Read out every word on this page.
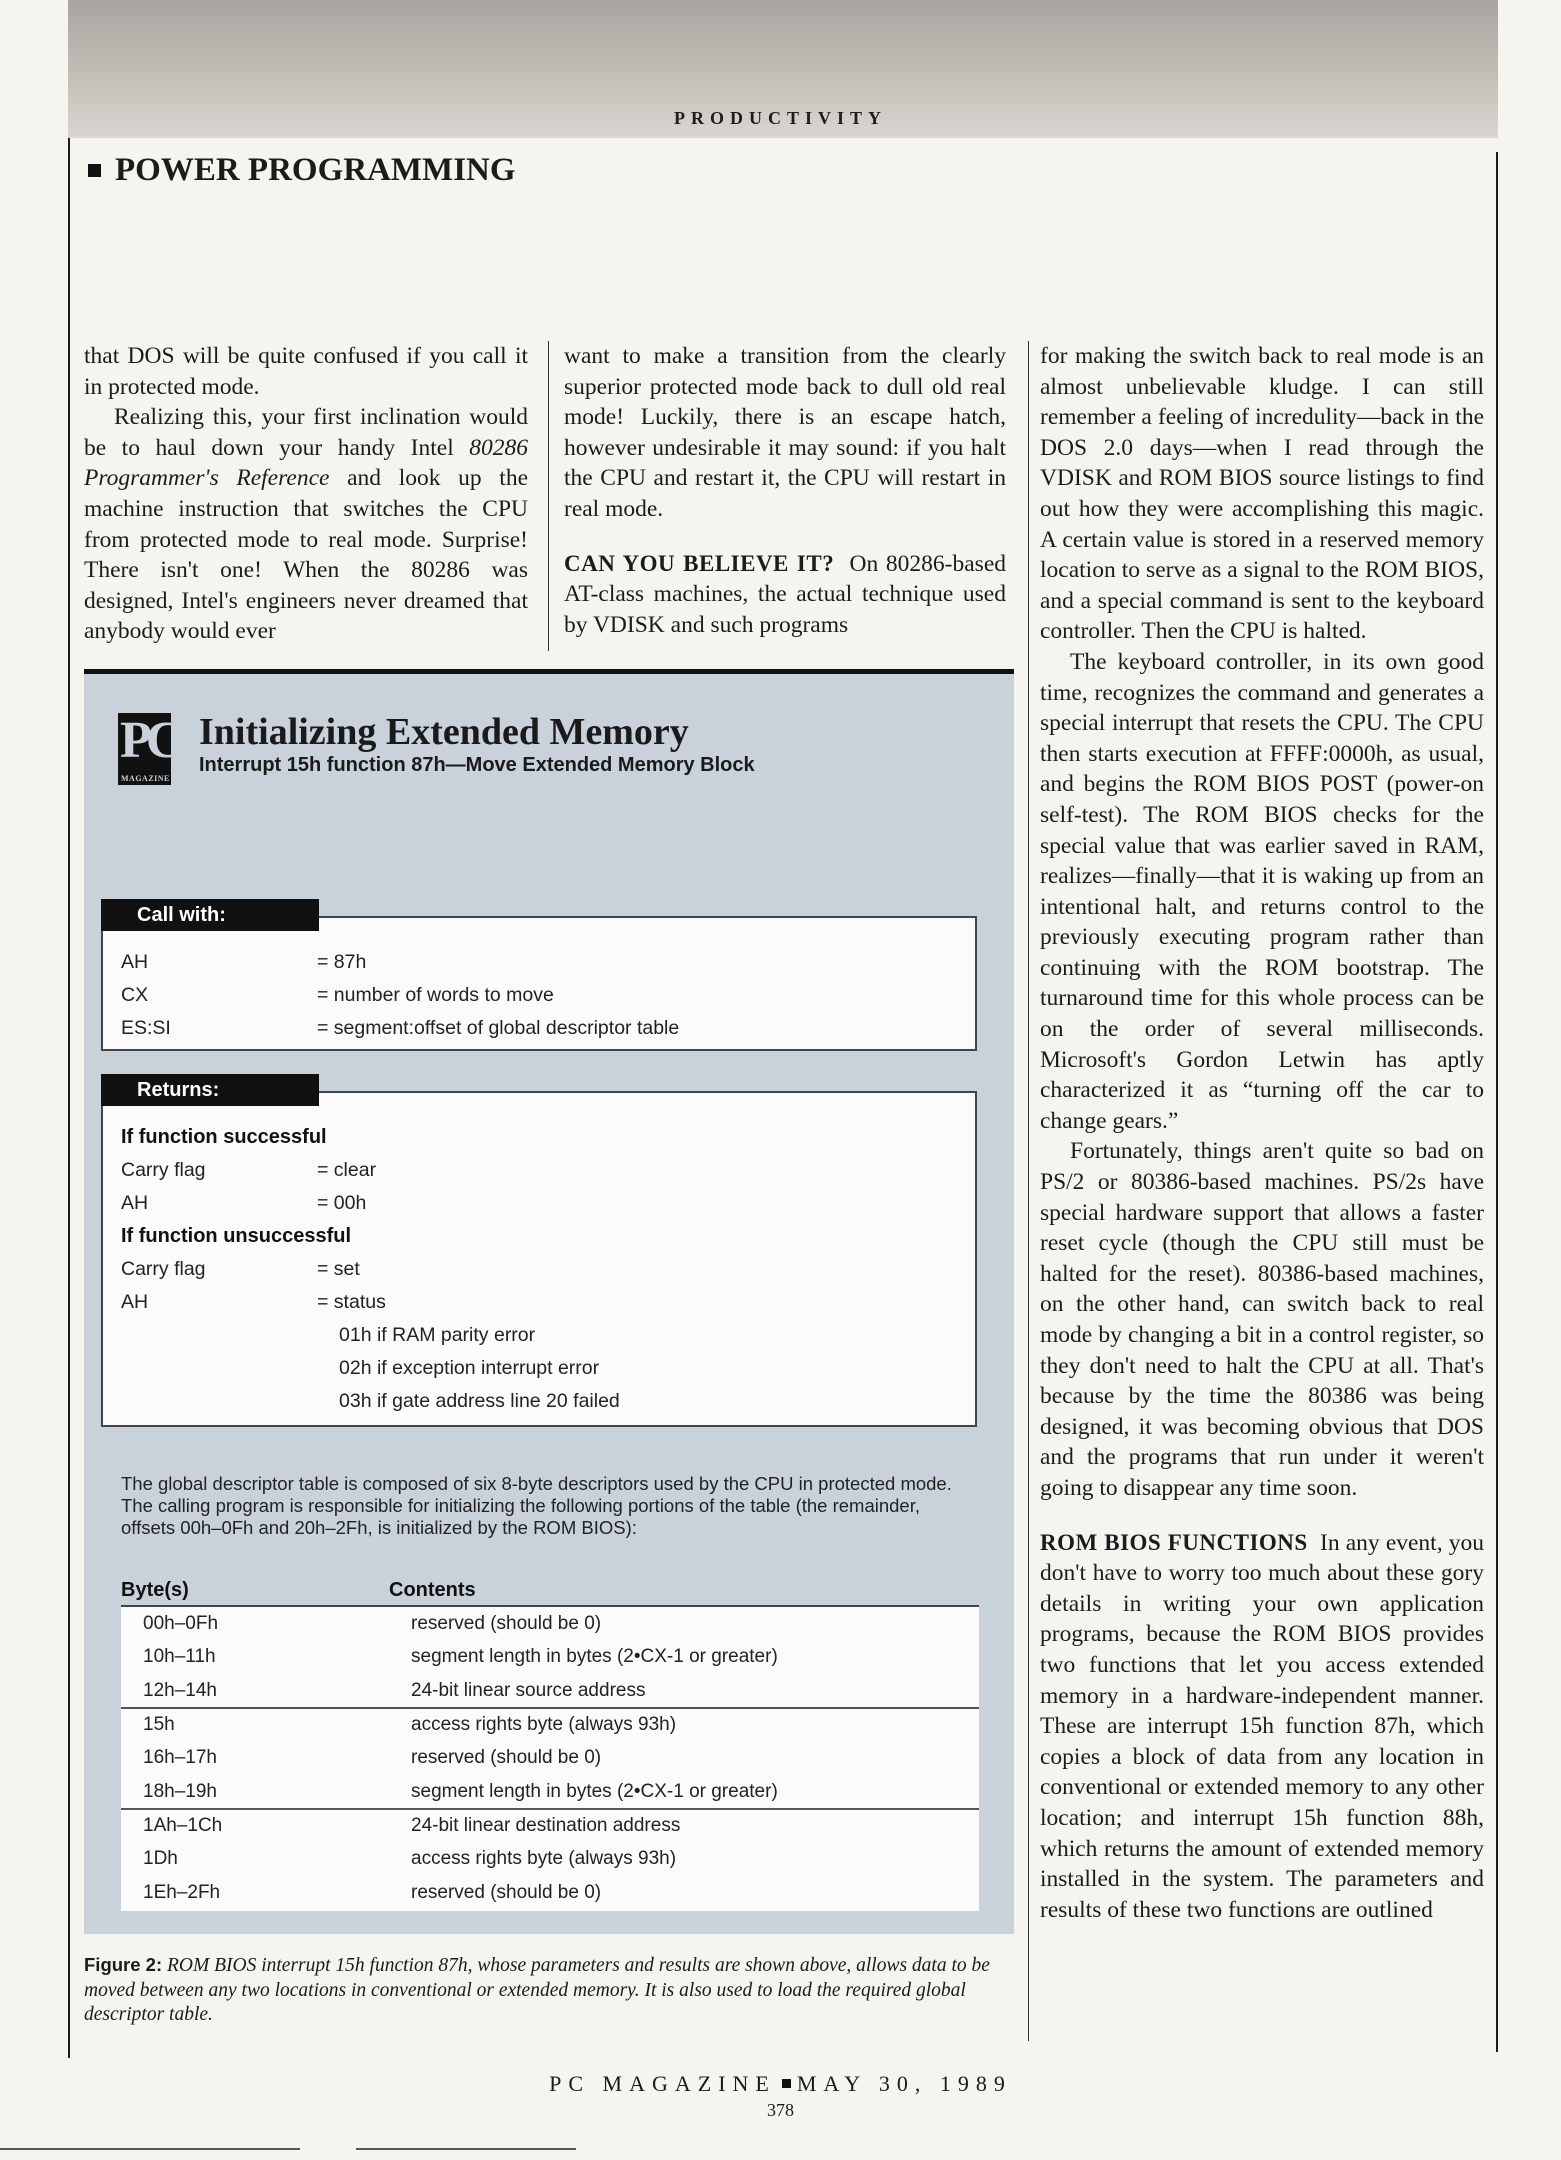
PRODUCTIVITY
POWER PROGRAMMING

that DOS will be quite confused if you call it in protected mode.

Realizing this, your first inclination would be to haul down your handy Intel 80286 Programmer's Reference and look up the machine instruction that switches the CPU from protected mode to real mode. Surprise! There isn't one! When the 80286 was designed, Intel's engineers never dreamed that anybody would ever

want to make a transition from the clearly superior protected mode back to dull old real mode! Luckily, there is an escape hatch, however undesirable it may sound: if you halt the CPU and restart it, the CPU will restart in real mode.

CAN YOU BELIEVE IT? On 80286-based AT-class machines, the actual technique used by VDISK and such programs

for making the switch back to real mode is an almost unbelievable kludge. I can still remember a feeling of incredulity—back in the DOS 2.0 days—when I read through the VDISK and ROM BIOS source listings to find out how they were accomplishing this magic. A certain value is stored in a reserved memory location to serve as a signal to the ROM BIOS, and a special command is sent to the keyboard controller. Then the CPU is halted.

The keyboard controller, in its own good time, recognizes the command and generates a special interrupt that resets the CPU. The CPU then starts execution at FFFF:0000h, as usual, and begins the ROM BIOS POST (power-on self-test). The ROM BIOS checks for the special value that was earlier saved in RAM, realizes—finally—that it is waking up from an intentional halt, and returns control to the previously executing program rather than continuing with the ROM bootstrap. The turnaround time for this whole process can be on the order of several milliseconds. Microsoft's Gordon Letwin has aptly characterized it as “turning off the car to change gears.”

Fortunately, things aren't quite so bad on PS/2 or 80386-based machines. PS/2s have special hardware support that allows a faster reset cycle (though the CPU still must be halted for the reset). 80386-based machines, on the other hand, can switch back to real mode by changing a bit in a control register, so they don't need to halt the CPU at all. That's because by the time the 80386 was being designed, it was becoming obvious that DOS and the programs that run under it weren't going to disappear any time soon.

ROM BIOS FUNCTIONS In any event, you don't have to worry too much about these gory details in writing your own application programs, because the ROM BIOS provides two functions that let you access extended memory in a hardware-independent manner. These are interrupt 15h function 87h, which copies a block of data from any location in conventional or extended memory to any other location; and interrupt 15h function 88h, which returns the amount of extended memory installed in the system. The parameters and results of these two functions are outlined

PC
MAGAZINE
Initializing Extended Memory
Interrupt 15h function 87h—Move Extended Memory Block
AH	= 87h
CX	= number of words to move
ES:SI	= segment:offset of global descriptor table
Call with:
If function successful
Carry flag	= clear
AH	= 00h
If function unsuccessful
Carry flag	= set
AH	= status
01h if RAM parity error
02h if exception interrupt error
03h if gate address line 20 failed
Returns:
The global descriptor table is composed of six 8-byte descriptors used by the CPU in protected mode. The calling program is responsible for initializing the following portions of the table (the remainder, offsets 00h–0Fh and 20h–2Fh, is initialized by the ROM BIOS):
Byte(s)	Contents
00h–0Fh	reserved (should be 0)
10h–11h	segment length in bytes (2•CX-1 or greater)
12h–14h	24-bit linear source address
15h	access rights byte (always 93h)
16h–17h	reserved (should be 0)
18h–19h	segment length in bytes (2•CX-1 or greater)
1Ah–1Ch	24-bit linear destination address
1Dh	access rights byte (always 93h)
1Eh–2Fh	reserved (should be 0)
Figure 2: ROM BIOS interrupt 15h function 87h, whose parameters and results are shown above, allows data to be moved between any two locations in conventional or extended memory. It is also used to load the required global descriptor table.
PC MAGAZINE MAY 30, 1989
378
